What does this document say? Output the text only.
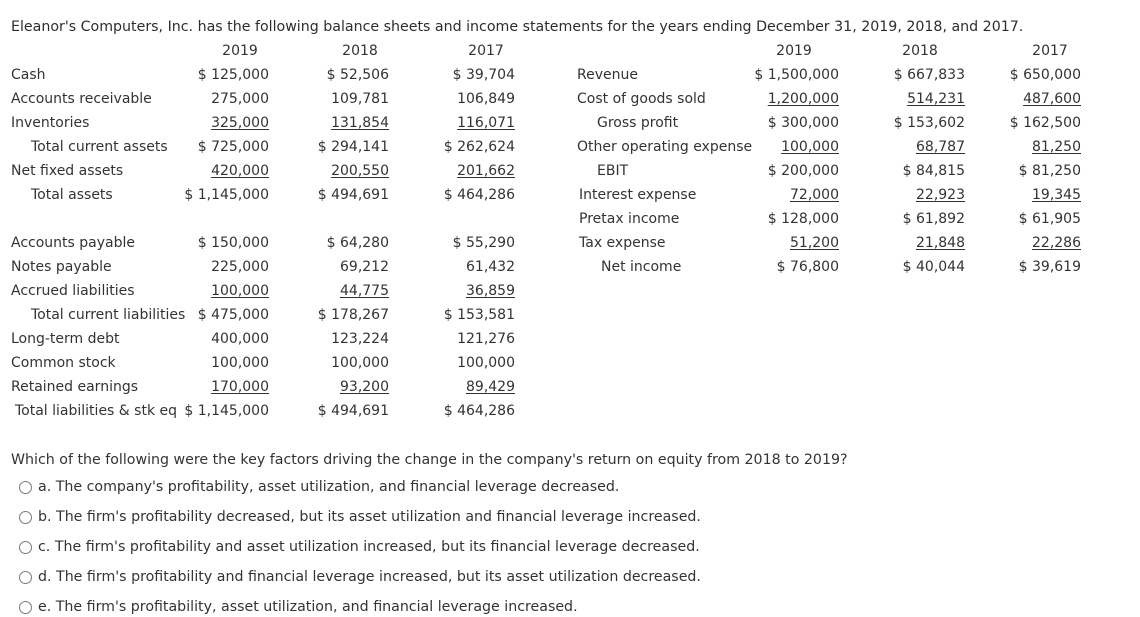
Eleanor's Computers, Inc. has the following balance sheets and income statements for the years ending December 31, 2019, 2018, and 2017.
2019	2018	2017	2019	2018	2017
Cash	$ 125,000	$ 52,506	$ 39,704
Accounts receivable	275,000	109,781	106,849
Inventories	325,000	131,854	116,071
Total current assets	$ 725,000	$ 294,141	$ 262,624
Net fixed assets	420,000	200,550	201,662
Total assets	$ 1,145,000	$ 494,691	$ 464,286
Accounts payable	$ 150,000	$ 64,280	$ 55,290
Notes payable	225,000	69,212	61,432
Accrued liabilities	100,000	44,775	36,859
Total current liabilities $ 475,000	$ 178,267	$ 153,581
Long-term debt	400,000	123,224	121,276
Common stock	100,000	100,000	100,000
Retained earnings	170,000	93,200	89,429
Total liabilities & stk eq $ 1,145,000	$ 494,691	$ 464,286
Revenue	$ 1,500,000	$ 667,833	$ 650,000
Cost of goods sold	1,200,000	514,231	487,600
Gross profit	$ 300,000	$ 153,602	$ 162,500
Other operating expense	100,000	68,787	81,250
EBIT	$ 200,000	$ 84,815	$ 81,250
Interest expense	72,000	22,923	19,345
Pretax income	$ 128,000	$ 61,892	$ 61,905
Tax expense	51,200	21,848	22,286
Net income	$ 76,800	$ 40,044	$ 39,619
Which of the following were the key factors driving the change in the company's return on equity from 2018 to 2019?
a. The company's profitability, asset utilization, and financial leverage decreased.
b. The firm's profitability decreased, but its asset utilization and financial leverage increased.
c. The firm's profitability and asset utilization increased, but its financial leverage decreased.
d. The firm's profitability and financial leverage increased, but its asset utilization decreased.
e. The firm's profitability, asset utilization, and financial leverage increased.
